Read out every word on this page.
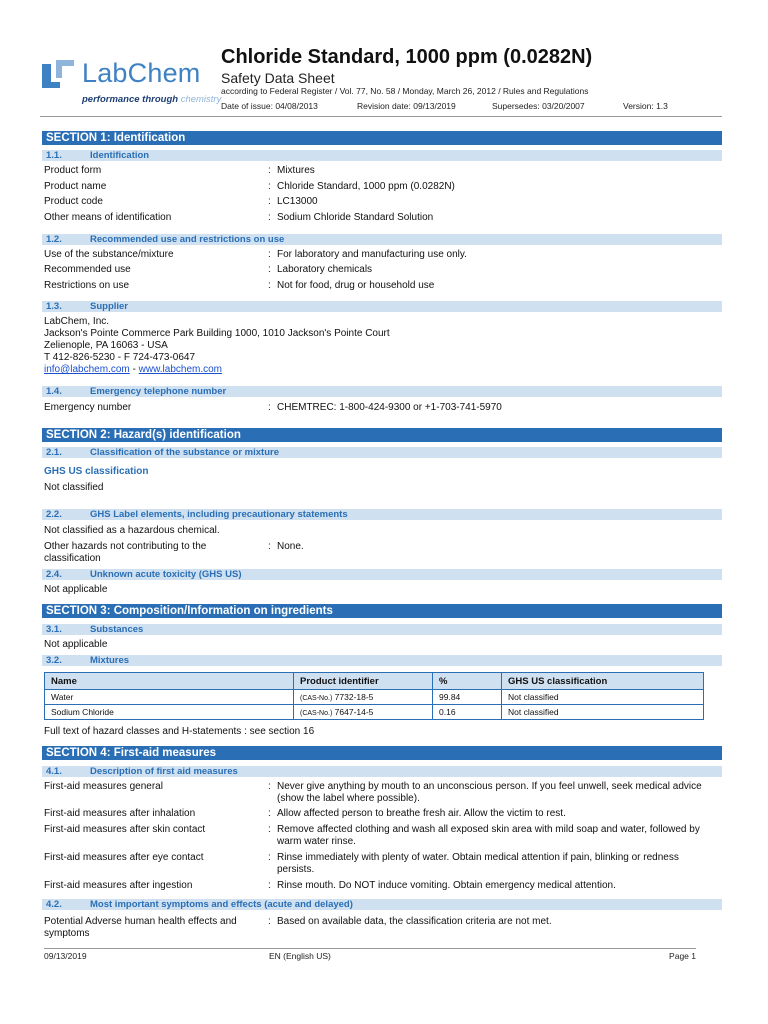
LabChem
performance through chemistry
Chloride Standard, 1000 ppm (0.0282N)
Safety Data Sheet
according to Federal Register / Vol. 77, No. 58 / Monday, March 26, 2012 / Rules and Regulations
Date of issue: 04/08/2013	Revision date: 09/13/2019	Supersedes: 03/20/2007	Version: 1.3
SECTION 1: Identification
1.1.	Identification
Product form	: Mixtures
Product name	: Chloride Standard, 1000 ppm (0.0282N)
Product code	: LC13000
Other means of identification	: Sodium Chloride Standard Solution
1.2.	Recommended use and restrictions on use
Use of the substance/mixture	: For laboratory and manufacturing use only.
Recommended use	: Laboratory chemicals
Restrictions on use	: Not for food, drug or household use
1.3.	Supplier
LabChem, Inc.
Jackson's Pointe Commerce Park Building 1000, 1010 Jackson's Pointe Court
Zelienople, PA 16063 - USA
T 412-826-5230 - F 724-473-0647
info@labchem.com - www.labchem.com
1.4.	Emergency telephone number
Emergency number	: CHEMTREC: 1-800-424-9300 or +1-703-741-5970
SECTION 2: Hazard(s) identification
2.1.	Classification of the substance or mixture
GHS US classification
Not classified
2.2.	GHS Label elements, including precautionary statements
Not classified as a hazardous chemical.
Other hazards not contributing to the	: None.
classification
2.4.	Unknown acute toxicity (GHS US)
Not applicable
SECTION 3: Composition/Information on ingredients
3.1.	Substances
Not applicable
3.2.	Mixtures
Name	Product identifier	%	GHS US classification
Water	(CAS-No.) 7732-18-5	99.84	Not classified
Sodium Chloride	(CAS-No.) 7647-14-5	0.16	Not classified
Full text of hazard classes and H-statements : see section 16
SECTION 4: First-aid measures
4.1.	Description of first aid measures
First-aid measures general	: Never give anything by mouth to an unconscious person. If you feel unwell, seek medical advice (show the label where possible).
First-aid measures after inhalation	: Allow affected person to breathe fresh air. Allow the victim to rest.
First-aid measures after skin contact	: Remove affected clothing and wash all exposed skin area with mild soap and water, followed by warm water rinse.
First-aid measures after eye contact	: Rinse immediately with plenty of water. Obtain medical attention if pain, blinking or redness persists.
First-aid measures after ingestion	: Rinse mouth. Do NOT induce vomiting. Obtain emergency medical attention.
4.2.	Most important symptoms and effects (acute and delayed)
Potential Adverse human health effects and symptoms
: Based on available data, the classification criteria are not met.
09/13/2019	EN (English US)	Page 1
